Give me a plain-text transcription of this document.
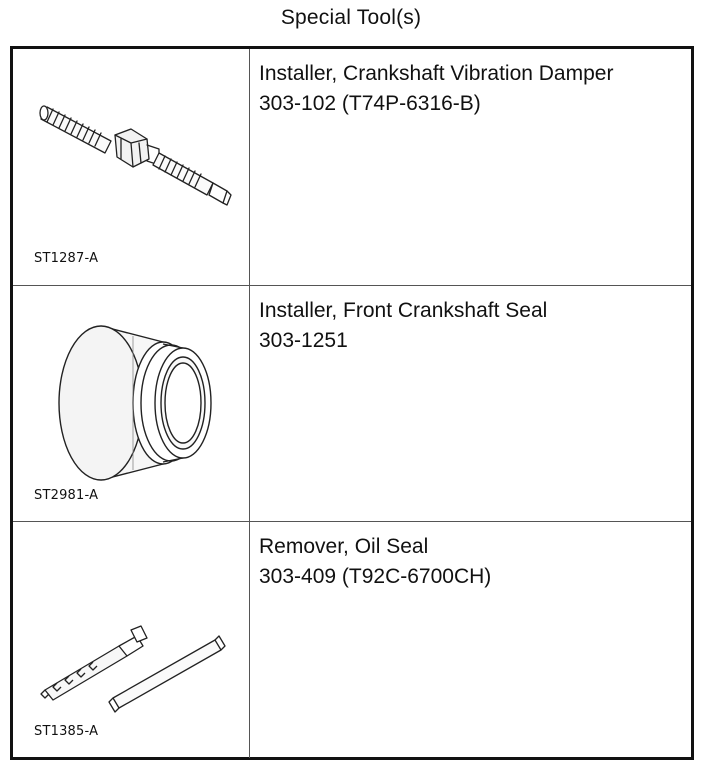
Special Tool(s)
ST1287-A
Installer, Crankshaft Vibration Damper
303-102 (T74P-6316-B)
ST2981-A
Installer, Front Crankshaft Seal
303-1251
ST1385-A
Remover, Oil Seal
303-409 (T92C-6700CH)
